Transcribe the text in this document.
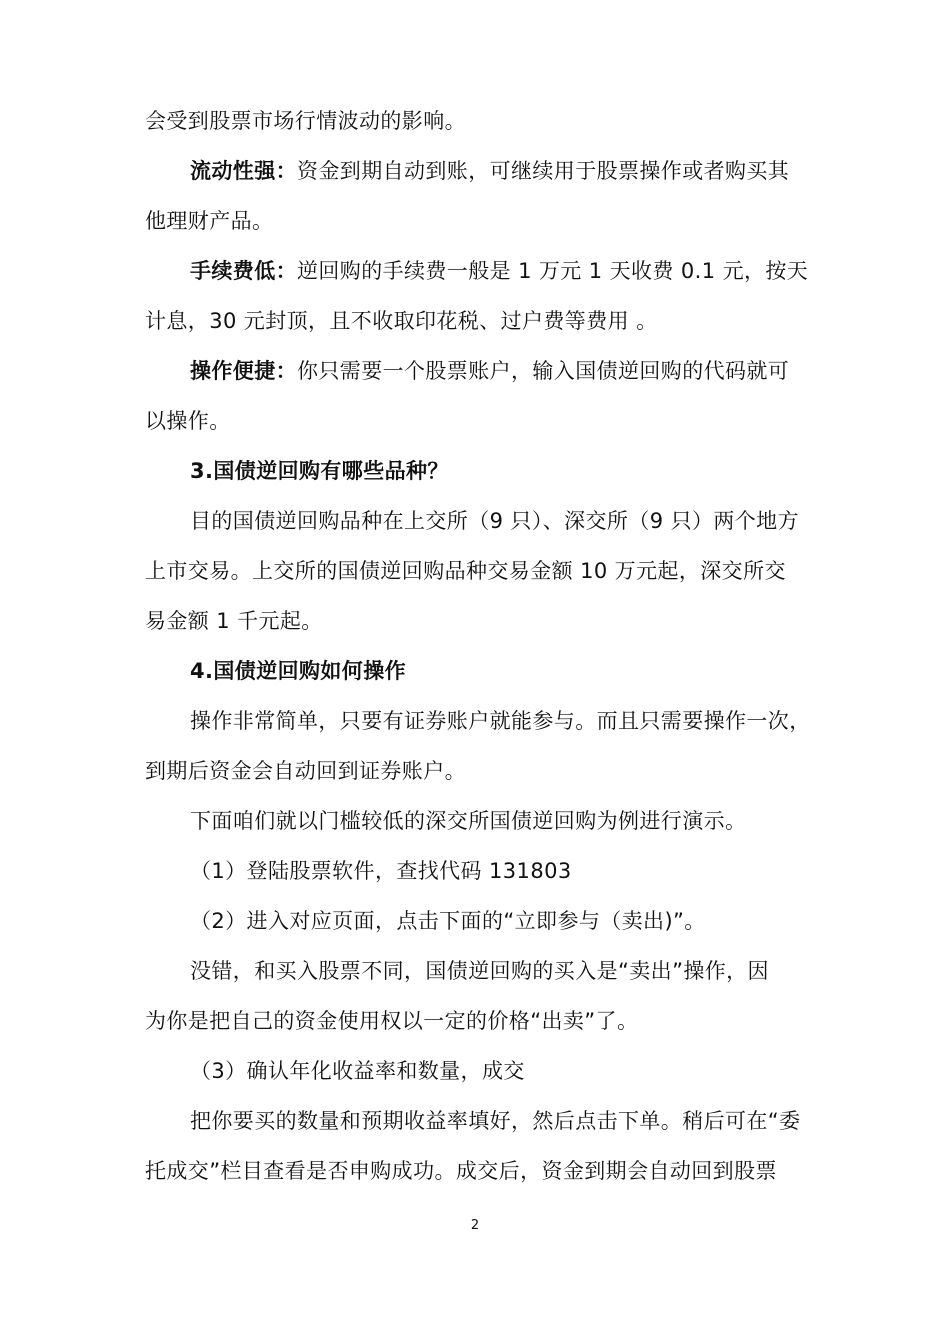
会受到股票市场行情波动的影响。
流动性强：资金到期自动到账，可继续用于股票操作或者购买其
他理财产品。
手续费低：逆回购的手续费一般是 1 万元 1 天收费 0.1 元，按天
计息，30 元封顶，且不收取印花税、过户费等费用 。
操作便捷：你只需要一个股票账户，输入国债逆回购的代码就可
以操作。
3.国债逆回购有哪些品种？
目的国债逆回购品种在上交所（9 只）、深交所（9 只）两个地方
上市交易。上交所的国债逆回购品种交易金额 10 万元起，深交所交
易金额 1 千元起。
4.国债逆回购如何操作
操作非常简单，只要有证券账户就能参与。而且只需要操作一次，
到期后资金会自动回到证券账户。
下面咱们就以门槛较低的深交所国债逆回购为例进行演示。
（1）登陆股票软件，查找代码 131803
（2）进入对应页面，点击下面的“立即参与（卖出)”。
没错，和买入股票不同，国债逆回购的买入是“卖出”操作，因
为你是把自己的资金使用权以一定的价格“出卖”了。
（3）确认年化收益率和数量，成交
把你要买的数量和预期收益率填好，然后点击下单。稍后可在“委
托成交”栏目查看是否申购成功。成交后，资金到期会自动回到股票
2
